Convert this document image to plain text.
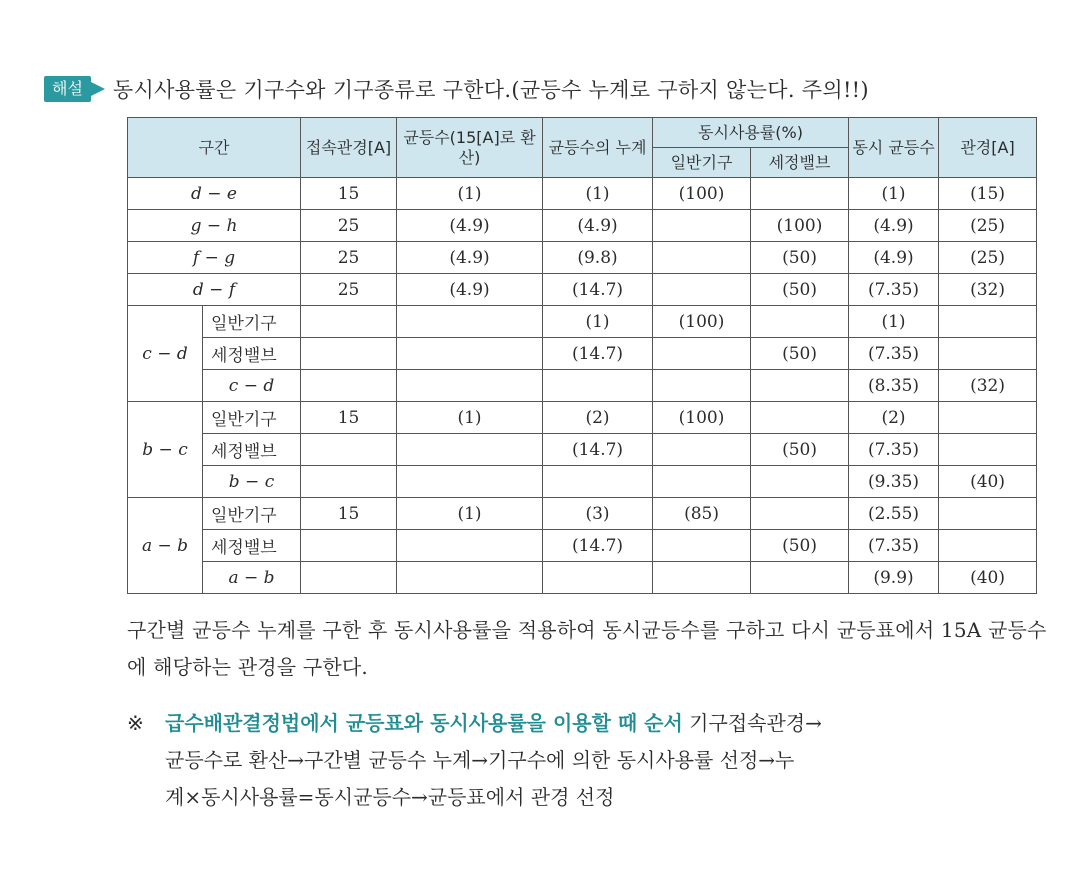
해설	동시사용률은 기구수와 기구종류로 구한다.(균등수 누계로 구하지 않는다. 주의!!)
구간		접속관경[A]	균등수(15[A]로 환산)	균등수의 누계	동시사용률(%)		동시 균등수	관경[A]
					일반기구	세정밸브		
d − e		15	(1)	(1)	(100)		(1)	(15)
g − h		25	(4.9)	(4.9)		(100)	(4.9)	(25)
f − g		25	(4.9)	(9.8)		(50)	(4.9)	(25)
d − f		25	(4.9)	(14.7)		(50)	(7.35)	(32)
c − d	일반기구			(1)	(100)		(1)	
	세정밸브			(14.7)		(50)	(7.35)	
	c − d						(8.35)	(32)
b − c	일반기구	15	(1)	(2)	(100)		(2)	
	세정밸브			(14.7)		(50)	(7.35)	
	b − c						(9.35)	(40)
a − b	일반기구	15	(1)	(3)	(85)		(2.55)	
	세정밸브			(14.7)		(50)	(7.35)	
	a − b						(9.9)	(40)
구간별 균등수 누계를 구한 후 동시사용률을 적용하여 동시균등수를 구하고 다시 균등표에서 15A 균등수에 해당하는 관경을 구한다.
※ 급수배관결정법에서 균등표와 동시사용률을 이용할 때 순서 기구접속관경→
균등수로 환산→구간별 균등수 누계→기구수에 의한 동시사용률 선정→누
계×동시사용률=동시균등수→균등표에서 관경 선정
